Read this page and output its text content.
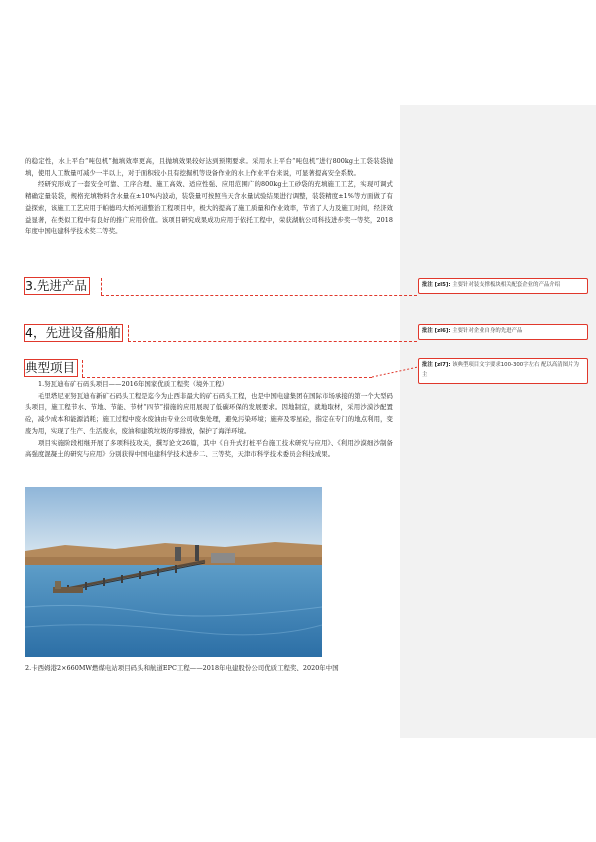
的稳定性，水上平台“吨包机”抛填效率更高，且抛填效果较好达到预期要求。采用水上平台“吨包机”进行800kg土工袋装袋抛填，使用人工数量可减少一半以上，对于面积较小且有挖掘机等设备作业的水上作业平台来说，可显著提高安全系数。

经研究形成了一套安全可靠、工序合理、施工高效、适应性强、应用范围广的800kg土工砂袋的充填施工工艺，实现可调式精确定量装袋，规格充填物料含水量在±10%内波动，装袋量可按照当天含水量试验结果进行调整，装袋精度±1%等方面做了有益探索，该施工工艺应用于帕德玛大桥河道整治工程项目中，极大的提高了施工质量和作业效率，节省了人力及施工时间，经济效益显著，在类似工程中有良好的推广应用价值。该项目研究成果成功应用于依托工程中，荣获湖航公司科技进步奖一等奖，2018年度中国电建科学技术奖二等奖。

3.先进产品
4，先进设备船舶
典型项目

1.努瓦迪布矿石码头项目——2016年国家优质工程奖（境外工程）

毛里塔尼亚努瓦迪布新矿石码头工程是迄今为止西非最大的矿石码头工程，也是中国电建集团在国际市场承接的第一个大型码头项目，施工程节水、节地、节能、节材“四节”措施的应用展现了低碳环保的发展要求。因地制宜，就地取材，采用沙漠沙配置砼，减少成本和能源消耗；施工过程中废水废油由专业公司收集处理，避免污染环境；施弃及零星砼，指定在专门的地点利用，变废为用，实现了生产、生活废水，废油和建筑垃圾的零排放，保护了海洋环境。

项目实施阶段相继开展了多项科技攻关，撰写论文26篇，其中《自升式打桩平台施工技术研究与应用》、《利用沙漠细沙制备高强度混凝土的研究与应用》分别获得中国电建科学技术进步二、三等奖，天津市科学技术委员会科技成果。

2.卡西姆港2×660MW燃煤电站项目码头和航道EPC工程——2018年电建股份公司优质工程奖、2020年中国

批注 [zl5]: 主要针对装支撑板块相关配套企业的产品介绍
批注 [zl6]: 主要针对企业自身的先进产品
批注 [zl7]: 该典型项目文字要求100-300字左右 配以高清图片为主
